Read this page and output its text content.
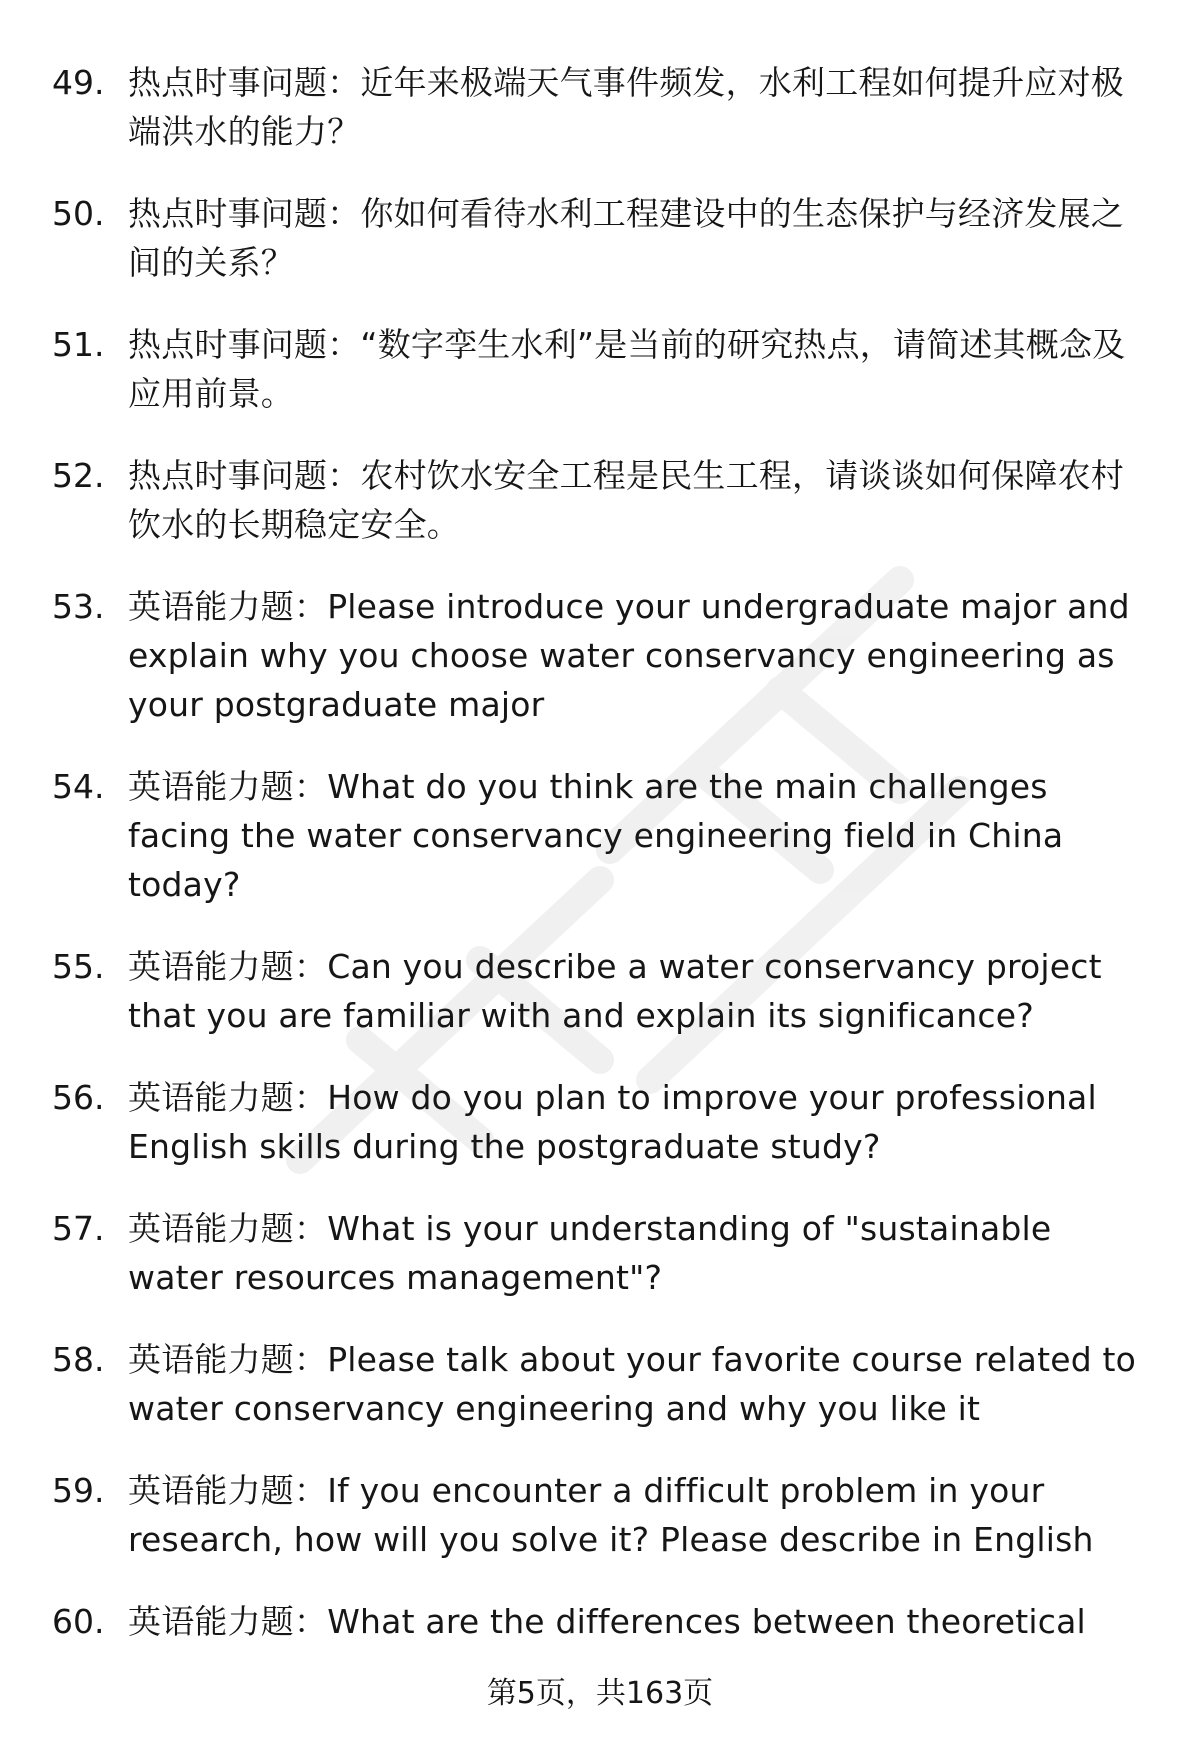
49. 热点时事问题：近年来极端天气事件频发，水利工程如何提升应对极端洪水的能力？
50. 热点时事问题：你如何看待水利工程建设中的生态保护与经济发展之间的关系？
51. 热点时事问题：“数字孪生水利”是当前的研究热点，请简述其概念及应用前景。
52. 热点时事问题：农村饮水安全工程是民生工程，请谈谈如何保障农村饮水的长期稳定安全。
53. 英语能力题：Please introduce your undergraduate major and explain why you choose water conservancy engineering as your postgraduate major
54. 英语能力题：What do you think are the main challenges facing the water conservancy engineering field in China today?
55. 英语能力题：Can you describe a water conservancy project that you are familiar with and explain its significance?
56. 英语能力题：How do you plan to improve your professional English skills during the postgraduate study?
57. 英语能力题：What is your understanding of "sustainable water resources management"?
58. 英语能力题：Please talk about your favorite course related to water conservancy engineering and why you like it
59. 英语能力题：If you encounter a difficult problem in your research, how will you solve it? Please describe in English
60. 英语能力题：What are the differences between theoretical
第5页，共163页
